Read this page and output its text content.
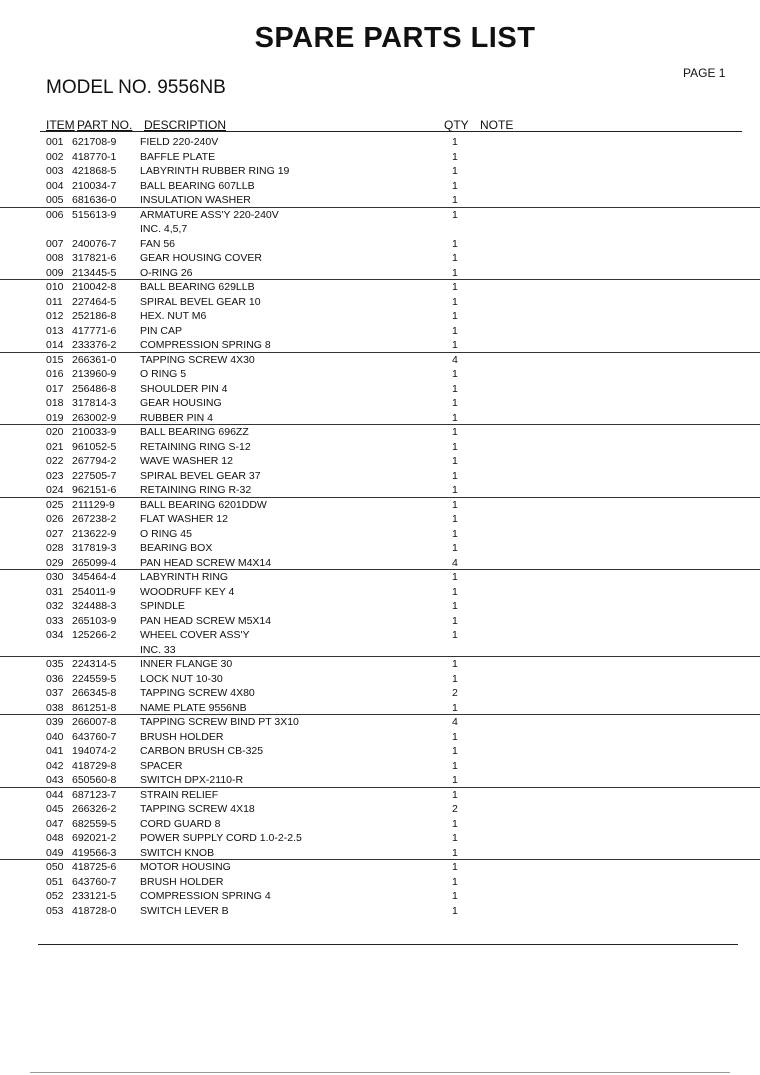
SPARE PARTS LIST
PAGE 1
MODEL NO. 9556NB
ITEM PART NO. DESCRIPTION	QTY NOTE
001 621708-9 FIELD 220-240V	1
002 418770-1 BAFFLE PLATE	1
003 421868-5 LABYRINTH RUBBER RING 19	1
004 210034-7 BALL BEARING 607LLB	1
005 681636-0 INSULATION WASHER	1
006 515613-9 ARMATURE ASS'Y 220-240V	1
INC. 4,5,7
007 240076-7 FAN 56	1
008 317821-6 GEAR HOUSING COVER	1
009 213445-5 O-RING 26	1
010 210042-8 BALL BEARING 629LLB	1
011 227464-5 SPIRAL BEVEL GEAR 10	1
012 252186-8 HEX. NUT M6	1
013 417771-6 PIN CAP	1
014 233376-2 COMPRESSION SPRING 8	1
015 266361-0 TAPPING SCREW 4X30	4
016 213960-9 O RING 5	1
017 256486-8 SHOULDER PIN 4	1
018 317814-3 GEAR HOUSING	1
019 263002-9 RUBBER PIN 4	1
020 210033-9 BALL BEARING 696ZZ	1
021 961052-5 RETAINING RING S-12	1
022 267794-2 WAVE WASHER 12	1
023 227505-7 SPIRAL BEVEL GEAR 37	1
024 962151-6 RETAINING RING R-32	1
025 211129-9 BALL BEARING 6201DDW	1
026 267238-2 FLAT WASHER 12	1
027 213622-9 O RING 45	1
028 317819-3 BEARING BOX	1
029 265099-4 PAN HEAD SCREW M4X14	4
030 345464-4 LABYRINTH RING	1
031 254011-9 WOODRUFF KEY 4	1
032 324488-3 SPINDLE	1
033 265103-9 PAN HEAD SCREW M5X14	1
034 125266-2 WHEEL COVER ASS'Y	1
INC. 33
035 224314-5 INNER FLANGE 30	1
036 224559-5 LOCK NUT 10-30	1
037 266345-8 TAPPING SCREW 4X80	2
038 861251-8 NAME PLATE 9556NB	1
039 266007-8 TAPPING SCREW BIND PT 3X10	4
040 643760-7 BRUSH HOLDER	1
041 194074-2 CARBON BRUSH CB-325	1
042 418729-8 SPACER	1
043 650560-8 SWITCH DPX-2110-R	1
044 687123-7 STRAIN RELIEF	1
045 266326-2 TAPPING SCREW 4X18	2
047 682559-5 CORD GUARD 8	1
048 692021-2 POWER SUPPLY CORD 1.0-2-2.5	1
049 419566-3 SWITCH KNOB	1
050 418725-6 MOTOR HOUSING	1
051 643760-7 BRUSH HOLDER	1
052 233121-5 COMPRESSION SPRING 4	1
053 418728-0 SWITCH LEVER B	1
